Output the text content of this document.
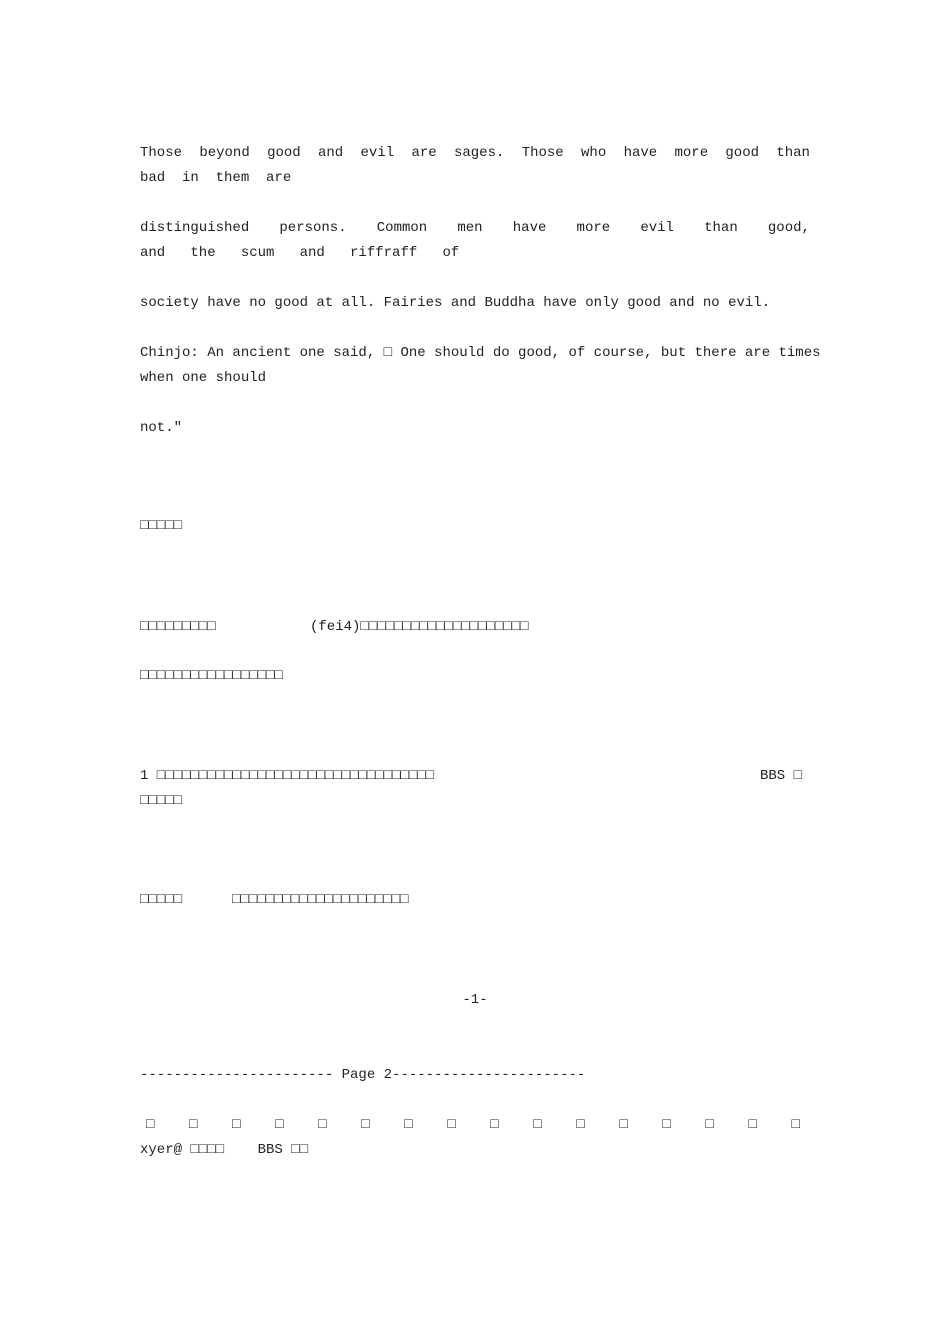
Those beyond good and evil are sages. Those who have more good than
bad  in  them  are
distinguished persons. Common men have more evil than good,
and   the   scum   and   riffraff   of
society have no good at all. Fairies and Buddha have only good and no evil.
Chinjo: An ancient one said, □ One should do good, of course, but there are times
when one should
not.″
□□□□□
□□□□□□□□□	(fei4)□□□□□□□□□□□□□□□□□□□□
□□□□□□□□□□□□□□□□□
1 □□□□□□□□□□□□□□□□□□□□□□□□□□□□□□□□□	BBS □
□□□□□
□□□□□	□□□□□□□□□□□□□□□□□□□□□
-1-
----------------------- Page 2-----------------------
□ □ □ □ □ □ □ □ □ □ □ □ □ □ □ □
xyer@ □□□□    BBS □□
